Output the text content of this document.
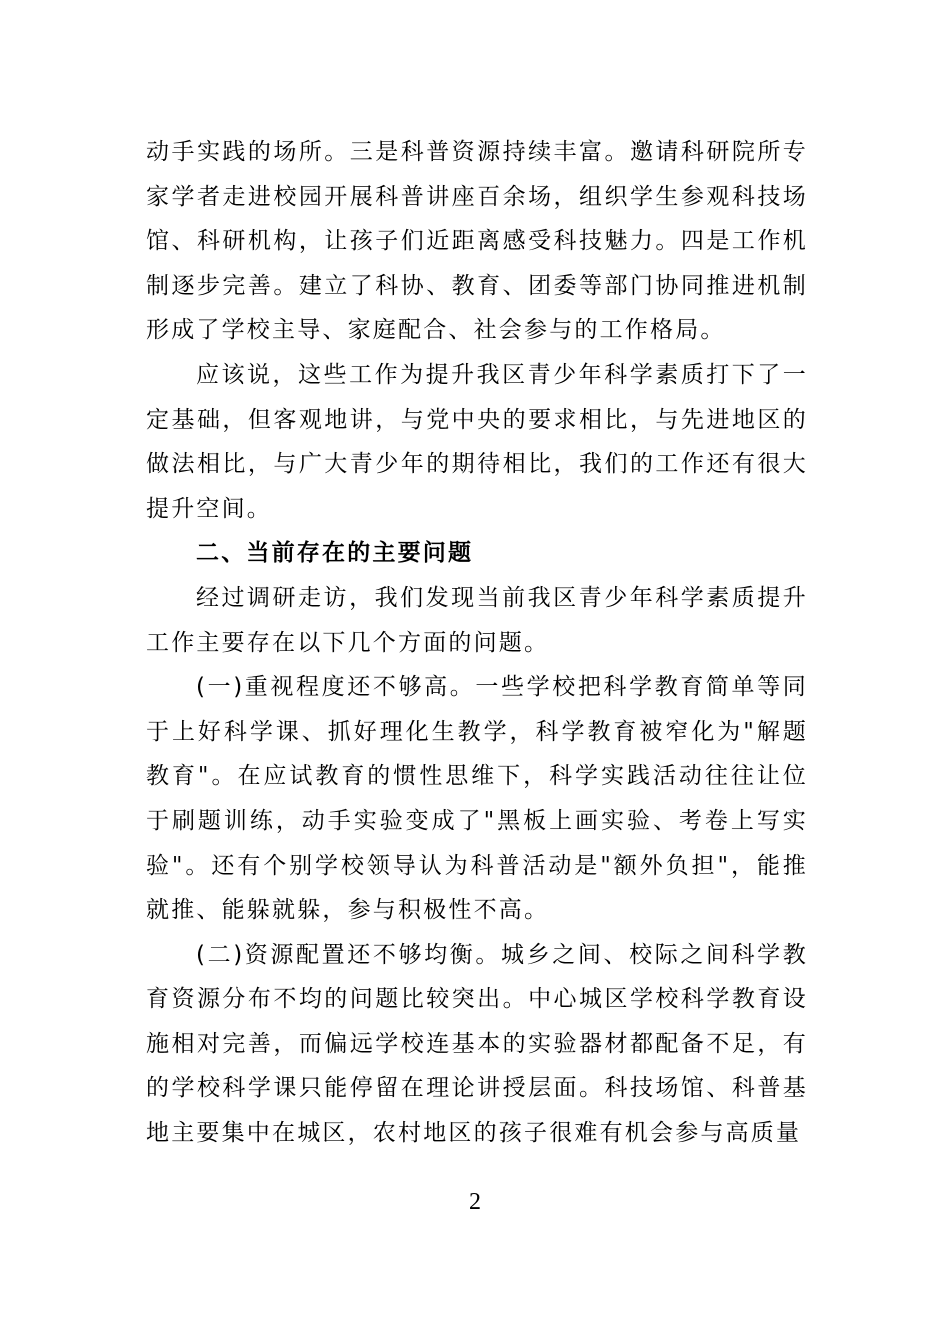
动手实践的场所。三是科普资源持续丰富。邀请科研院所专家学者走进校园开展科普讲座百余场，组织学生参观科技场馆、科研机构，让孩子们近距离感受科技魅力。四是工作机制逐步完善。建立了科协、教育、团委等部门协同推进机制形成了学校主导、家庭配合、社会参与的工作格局。

应该说，这些工作为提升我区青少年科学素质打下了一定基础，但客观地讲，与党中央的要求相比，与先进地区的做法相比，与广大青少年的期待相比，我们的工作还有很大提升空间。

二、当前存在的主要问题

经过调研走访，我们发现当前我区青少年科学素质提升工作主要存在以下几个方面的问题。

(一)重视程度还不够高。一些学校把科学教育简单等同于上好科学课、抓好理化生教学，科学教育被窄化为"解题教育"。在应试教育的惯性思维下，科学实践活动往往让位于刷题训练，动手实验变成了"黑板上画实验、考卷上写实验"。还有个别学校领导认为科普活动是"额外负担"，能推就推、能躲就躲，参与积极性不高。

(二)资源配置还不够均衡。城乡之间、校际之间科学教育资源分布不均的问题比较突出。中心城区学校科学教育设施相对完善，而偏远学校连基本的实验器材都配备不足，有的学校科学课只能停留在理论讲授层面。科技场馆、科普基地主要集中在城区，农村地区的孩子很难有机会参与高质量

2
